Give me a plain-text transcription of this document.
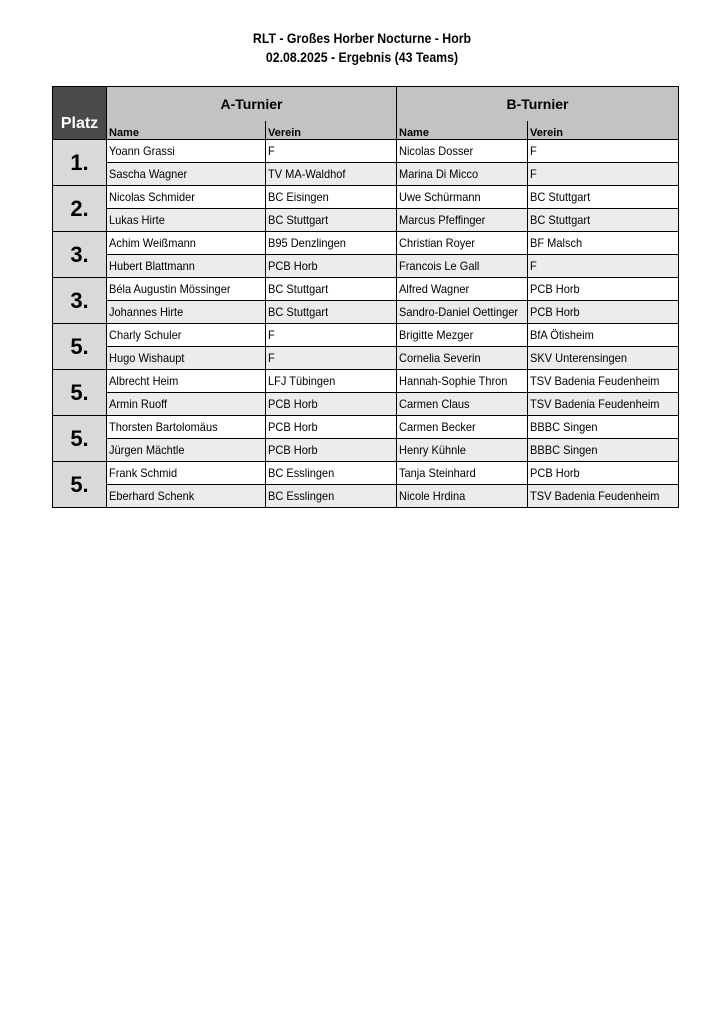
RLT - Großes Horber Nocturne - Horb
02.08.2025 - Ergebnis (43 Teams)
Platz	A-Turnier		B-Turnier	
	Name	Verein	Name	Verein
1.	Yoann Grassi	F	Nicolas Dosser	F
	Sascha Wagner	TV MA-Waldhof	Marina Di Micco	F
2.	Nicolas Schmider	BC Eisingen	Uwe Schürmann	BC Stuttgart
	Lukas Hirte	BC Stuttgart	Marcus Pfeffinger	BC Stuttgart
3.	Achim Weißmann	B95 Denzlingen	Christian Royer	BF Malsch
	Hubert Blattmann	PCB Horb	Francois Le Gall	F
3.	Béla Augustin Mössinger	BC Stuttgart	Alfred Wagner	PCB Horb
	Johannes Hirte	BC Stuttgart	Sandro-Daniel Oettinger	PCB Horb
5.	Charly Schuler	F	Brigitte Mezger	BfA Ötisheim
	Hugo Wishaupt	F	Cornelia Severin	SKV Unterensingen
5.	Albrecht Heim	LFJ Tübingen	Hannah-Sophie Thron	TSV Badenia Feudenheim
	Armin Ruoff	PCB Horb	Carmen Claus	TSV Badenia Feudenheim
5.	Thorsten Bartolomäus	PCB Horb	Carmen Becker	BBBC Singen
	Jürgen Mächtle	PCB Horb	Henry Kühnle	BBBC Singen
5.	Frank Schmid	BC Esslingen	Tanja Steinhard	PCB Horb
	Eberhard Schenk	BC Esslingen	Nicole Hrdina	TSV Badenia Feudenheim
